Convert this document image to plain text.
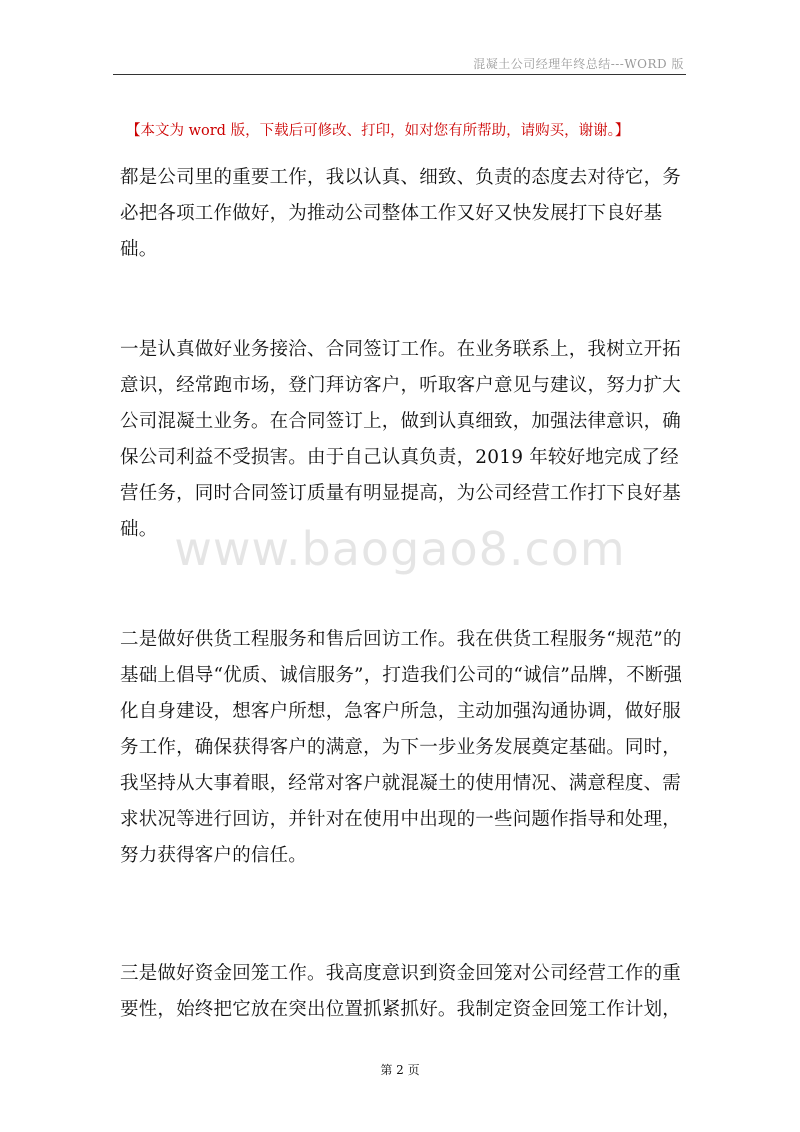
混凝土公司经理年终总结---WORD 版
【本文为 word 版，下载后可修改、打印，如对您有所帮助，请购买，谢谢。】
都是公司里的重要工作，我以认真、细致、负责的态度去对待它，务
必把各项工作做好，为推动公司整体工作又好又快发展打下良好基
础。
一是认真做好业务接洽、合同签订工作。在业务联系上，我树立开拓
意识，经常跑市场，登门拜访客户，听取客户意见与建议，努力扩大
公司混凝土业务。在合同签订上，做到认真细致，加强法律意识，确
保公司利益不受损害。由于自己认真负责，2019 年较好地完成了经
营任务，同时合同签订质量有明显提高，为公司经营工作打下良好基
础。 www.baogao8.com
二是做好供货工程服务和售后回访工作。我在供货工程服务“规范”的
基础上倡导“优质、诚信服务”，打造我们公司的“诚信”品牌，不断强
化自身建设，想客户所想，急客户所急，主动加强沟通协调，做好服
务工作，确保获得客户的满意，为下一步业务发展奠定基础。同时，
我坚持从大事着眼，经常对客户就混凝土的使用情况、满意程度、需
求状况等进行回访，并针对在使用中出现的一些问题作指导和处理，
努力获得客户的信任。
三是做好资金回笼工作。我高度意识到资金回笼对公司经营工作的重
要性，始终把它放在突出位置抓紧抓好。我制定资金回笼工作计划，
第 2 页
